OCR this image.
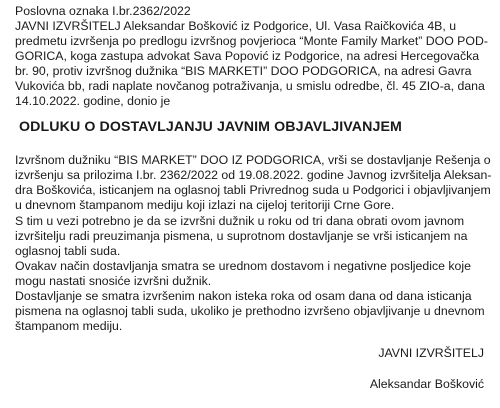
Poslovna oznaka I.br.2362/2022
JAVNI IZVRŠITELJ Aleksandar Bošković iz Podgorice, Ul. Vasa Raičkovića 4B, u
predmetu izvršenja po predlogu izvršnog povjerioca “Monte Family Market” DOO POD-
GORICA, koga zastupa advokat Sava Popović iz Podgorice, na adresi Hercegovačka
br. 90, protiv izvršnog dužnika “BIS MARKETI” DOO PODGORICA, na adresi Gavra
Vukovića bb, radi naplate novčanog potraživanja, u smislu odredbe, čl. 45 ZIO-a, dana
14.10.2022. godine, donio je
ODLUKU O DOSTAVLJANJU JAVNIM OBJAVLJIVANJEM
Izvršnom dužniku “BIS MARKET” DOO IZ PODGORICA, vrši se dostavljanje Rešenja o
izvršenju sa prilozima I.br. 2362/2022 od 19.08.2022. godine Javnog izvršitelja Aleksan-
dra Boškovića, isticanjem na oglasnoj tabli Privrednog suda u Podgorici i objavljivanjem
u dnevnom štampanom mediju koji izlazi na cijeloj teritoriji Crne Gore.
S tim u vezi potrebno je da se izvršni dužnik u roku od tri dana obrati ovom javnom
izvršitelju radi preuzimanja pismena, u suprotnom dostavljanje se vrši isticanjem na
oglasnoj tabli suda.
Ovakav način dostavljanja smatra se urednom dostavom i negativne posljedice koje
mogu nastati snosiće izvršni dužnik.
Dostavljanje se smatra izvršenim nakon isteka roka od osam dana od dana isticanja
pismena na oglasnoj tabli suda, ukoliko je prethodno izvršeno objavljivanje u dnevnom
štampanom mediju.
JAVNI IZVRŠITELJ
Aleksandar Bošković
